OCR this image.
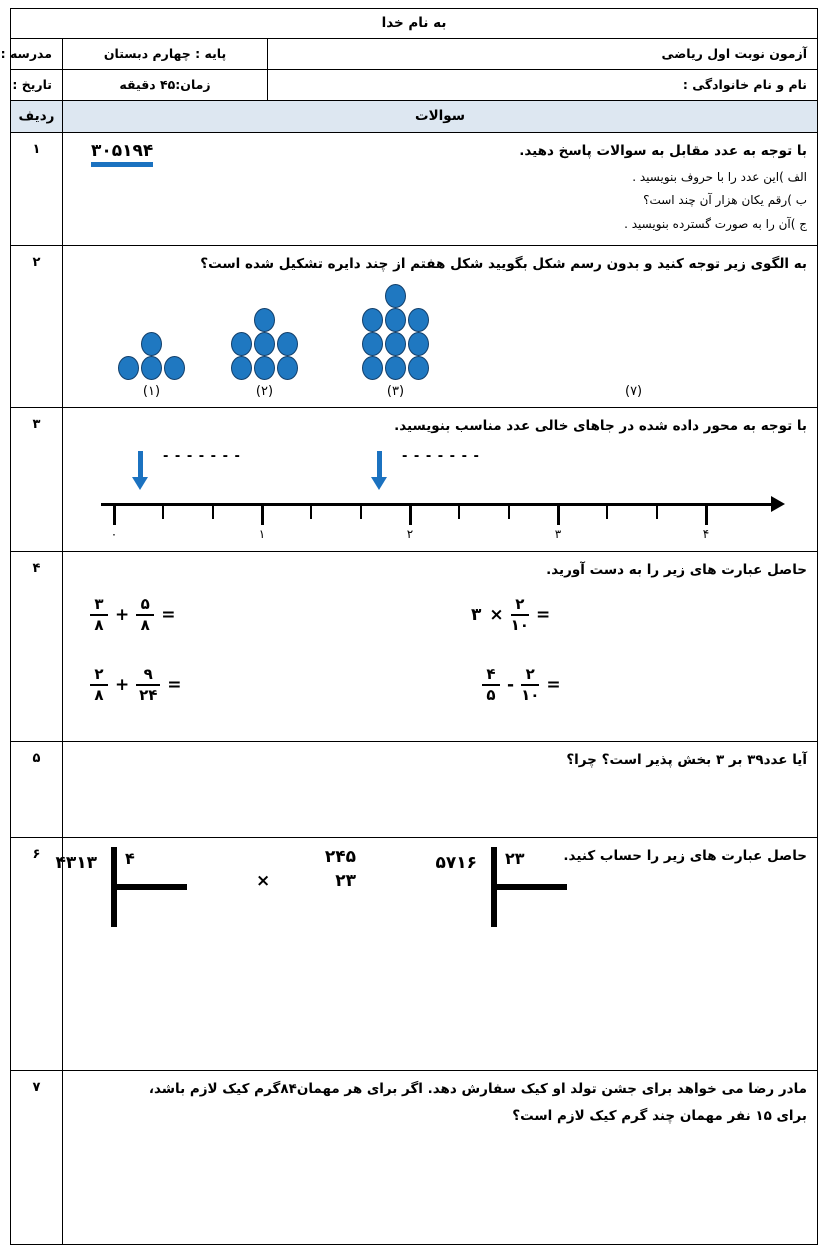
به نام خدا		
آزمون نوبت اول ریاضی	پایه : چهارم دبستان	مدرسه :
نام و نام خانوادگی :	زمان:۴۵ دقیقه	تاریخ :
سوالات		ردیف

۳۰۵۱۹۴ با توجه به عدد مقابل به سوالات پاسخ دهید.
الف )این عدد را با حروف بنویسید .
ب )رقم یکان هزار آن چند است؟
ج )آن را به صورت گسترده بنویسید .		۱

به الگوی زیر توجه کنید و بدون رسم شکل بگویید شکل هفتم از چند دایره تشکیل شده است؟
(۱) (۲) (۳) (۷)		۲

با توجه به محور داده شده در جاهای خالی عدد مناسب بنویسید.
۰	۱	۲	۳	۴
- - - - - - -	- - - - - - -
	۳

حاصل عبارت های زیر را به دست آورید.
$\frac{۳}{۸} + \frac{۵}{۸}$ =	۳ × $\frac{۲}{۱۰}$ =
$\frac{۲}{۸} + \frac{۹}{۲۴}$ =	$\frac{۴}{۵} - \frac{۲}{۱۰}$ =
	۴

آیا عدد۳۹ بر ۳ بخش پذیر است؟ چرا؟		۵

حاصل عبارت های زیر را حساب کنید.
۵۷۱۶ ۲۳
۲۴۵
×	۲۳
۴۳۱۳ ۴
	۶

مادر رضا می خواهد برای جشن تولد او کیک سفارش دهد. اگر برای هر مهمان۸۴گرم کیک لازم باشد،
برای ۱۵ نفر مهمان چند گرم کیک لازم است؟		۷
